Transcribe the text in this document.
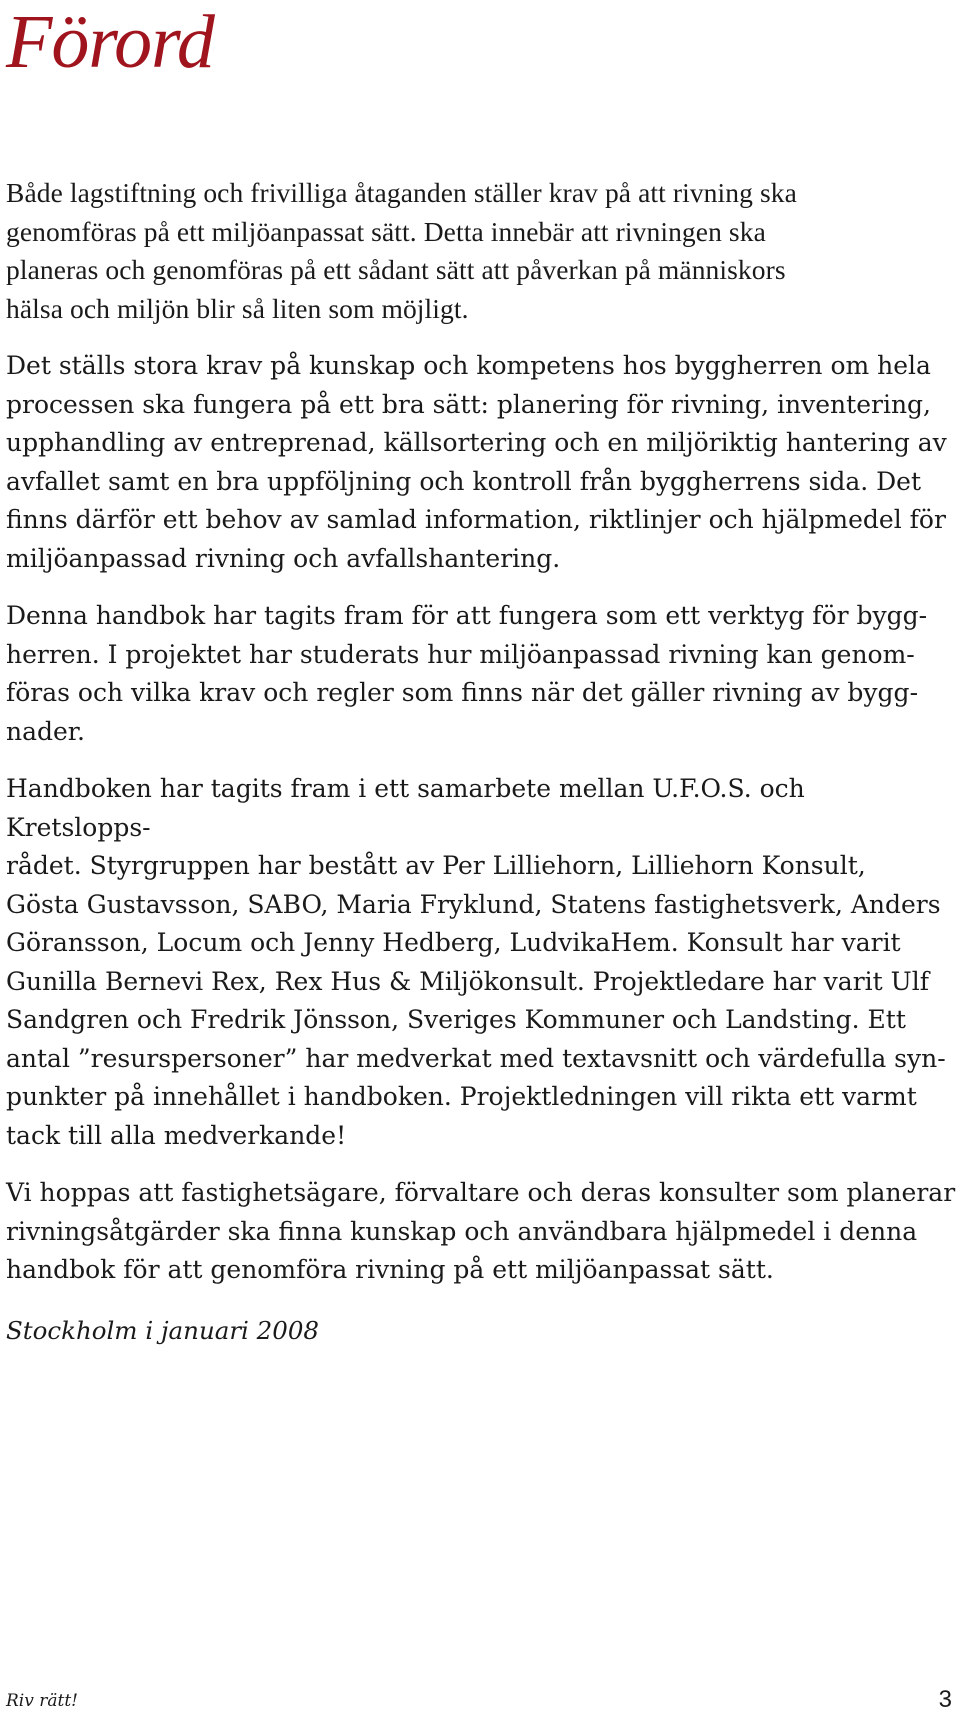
Förord

Både lagstiftning och frivilliga åtaganden ställer krav på att rivning ska
genomföras på ett miljöanpassat sätt. Detta innebär att rivningen ska
planeras och genomföras på ett sådant sätt att påverkan på människors
hälsa och miljön blir så liten som möjligt.

Det ställs stora krav på kunskap och kompetens hos byggherren om hela
processen ska fungera på ett bra sätt: planering för rivning, inventering,
upphandling av entreprenad, källsortering och en miljöriktig hantering av
avfallet samt en bra uppföljning och kontroll från byggherrens sida. Det
finns därför ett behov av samlad information, riktlinjer och hjälpmedel för
miljöanpassad rivning och avfallshantering.

Denna handbok har tagits fram för att fungera som ett verktyg för bygg-
herren. I projektet har studerats hur miljöanpassad rivning kan genom-
föras och vilka krav och regler som finns när det gäller rivning av bygg-
nader.

Handboken har tagits fram i ett samarbete mellan U.F.O.S. och Kretslopps-
rådet. Styrgruppen har bestått av Per Lilliehorn, Lilliehorn Konsult,
Gösta Gustavsson, SABO, Maria Fryklund, Statens fastighetsverk, Anders
Göransson, Locum och Jenny Hedberg, LudvikaHem. Konsult har varit
Gunilla Bernevi Rex, Rex Hus & Miljökonsult. Projektledare har varit Ulf
Sandgren och Fredrik Jönsson, Sveriges Kommuner och Landsting. Ett
antal ”resurspersoner” har medverkat med textavsnitt och värdefulla syn-
punkter på innehållet i handboken. Projektledningen vill rikta ett varmt
tack till alla medverkande!

Vi hoppas att fastighetsägare, förvaltare och deras konsulter som planerar
rivningsåtgärder ska finna kunskap och användbara hjälpmedel i denna
handbok för att genomföra rivning på ett miljöanpassat sätt.

Stockholm i januari 2008

Riv rätt!	3
